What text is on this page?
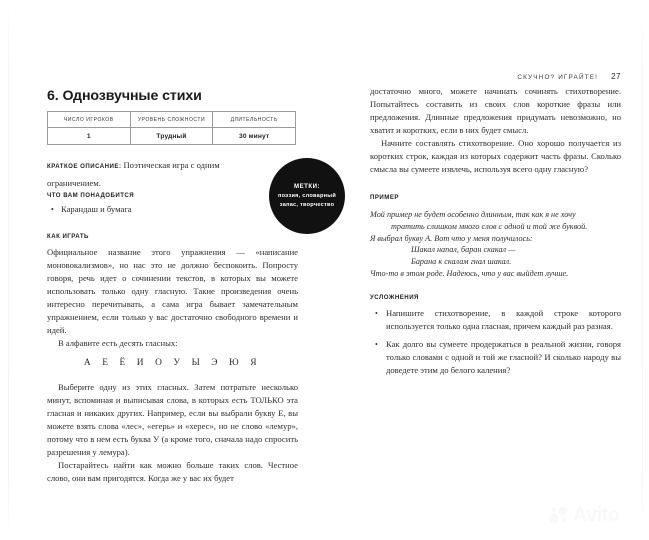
6. Однозвучные стихи
ЧИСЛО ИГРОКОВ	УРОВЕНЬ СЛОЖНОСТИ	ДЛИТЕЛЬНОСТЬ
1	Трудный	30 минут
КРАТКОЕ ОПИСАНИЕ: Поэтическая игра с одним ограничением.
ЧТО ВАМ ПОНАДОБИТСЯ
• Карандаш и бумага
КАК ИГРАТЬ

Официальное название этого упражнения — «написание моновокализмов», но нас это не должно беспокоить. Попросту говоря, речь идет о сочинении текстов, в которых вы можете использовать только одну гласную. Такие произведения очень интересно перечитывать, а сама игра бывает замечательным упражнением, если только у вас достаточно свободного времени и идей.

В алфавите есть десять гласных:

А Е Ё И О У Ы Э Ю Я

Выберите одну из этих гласных. Затем потратьте несколько минут, вспоминая и выписывая слова, в которых есть ТОЛЬКО эта гласная и никаких других. Например, если вы выбрали букву Е, вы можете взять слова «лес», «егерь» и «херес», но не слово «лемур», потому что в нем есть буква У (а кроме того, сначала надо спросить разрешения у лемура).

Постарайтесь найти как можно больше таких слов. Честное слово, они вам пригодятся. Когда же у вас их будет

МЕТКИ:
поэзия, словарный запас, творчество
СКУЧНО? ИГРАЙТЕ! 27

достаточно много, можете начинать сочинять стихотворение. Попытайтесь составить из своих слов короткие фразы или предложения. Длинные предложения придумать невозможно, но хватит и коротких, если в них будет смысл.

Начните составлять стихотворение. Оно хорошо получается из коротких строк, каждая из которых содержит часть фразы. Сколько смысла вы сумеете извлечь, используя всего одну гласную?

ПРИМЕР
Мой пример не будет особенно длинным, так как я не хочу
тратить слишком много слов с одной и той же буквой.
Я выбрал букву А. Вот что у меня получилось:
Шакал напал, баран скакал —
Барана к скалам гнал шакал.
Что-то в этом роде. Надеюсь, что у вас выйдет лучше.
УСЛОЖНЕНИЯ
• Напишите стихотворение, в каждой строке которого используется только одна гласная, причем каждый раз разная.
• Как долго вы сумеете продержаться в реальной жизни, говоря только словами с одной и той же гласной? И сколько народу вы доведете этим до белого каления?
Avito
